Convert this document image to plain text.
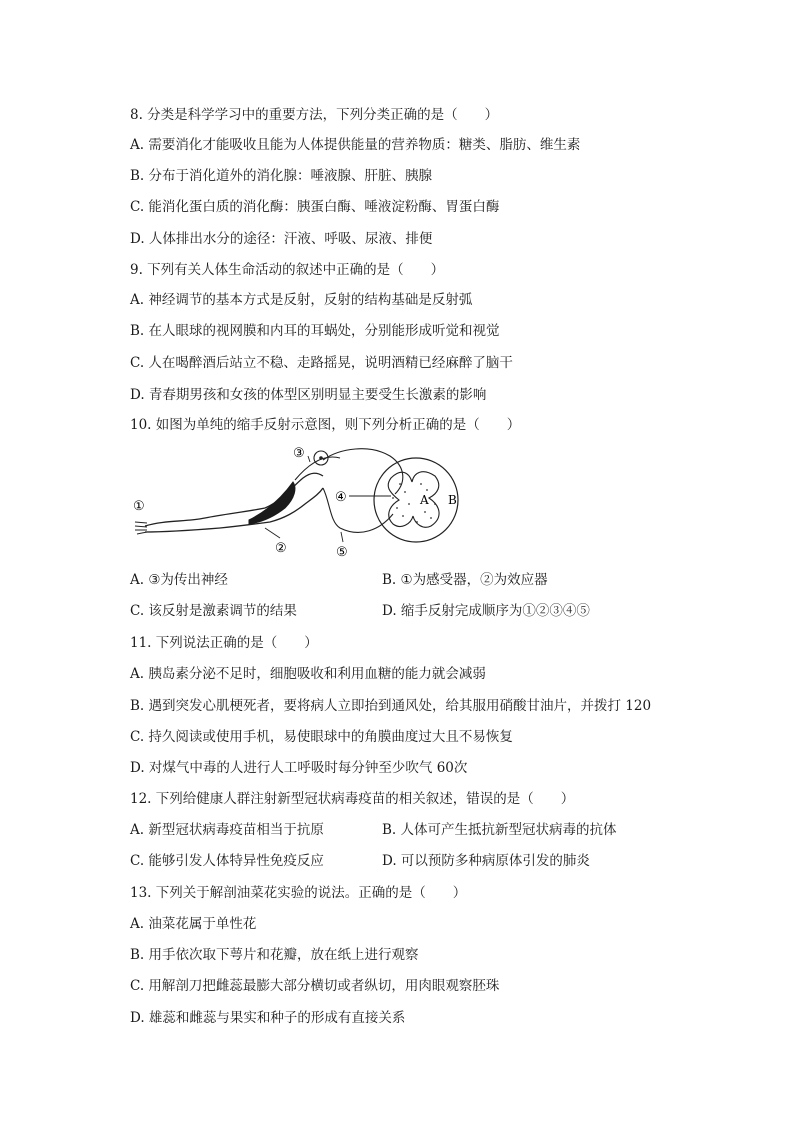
8. 分类是科学学习中的重要方法，下列分类正确的是（　　）
A. 需要消化才能吸收且能为人体提供能量的营养物质：糖类、脂肪、维生素
B. 分布于消化道外的消化腺：唾液腺、肝脏、胰腺
C. 能消化蛋白质的消化酶：胰蛋白酶、唾液淀粉酶、胃蛋白酶
D. 人体排出水分的途径：汗液、呼吸、尿液、排便
9. 下列有关人体生命活动的叙述中正确的是（　　）
A. 神经调节的基本方式是反射，反射的结构基础是反射弧
B. 在人眼球的视网膜和内耳的耳蜗处，分别能形成听觉和视觉
C. 人在喝醉酒后站立不稳、走路摇晃，说明酒精已经麻醉了脑干
D. 青春期男孩和女孩的体型区别明显主要受生长激素的影响
10. 如图为单纯的缩手反射示意图，则下列分析正确的是（　　）
①
②
③
④
⑤
A B
A. ③为传出神经	B. ①为感受器，②为效应器
C. 该反射是激素调节的结果	D. 缩手反射完成顺序为①②③④⑤
11. 下列说法正确的是（　　）
A. 胰岛素分泌不足时，细胞吸收和利用血糖的能力就会减弱
B. 遇到突发心肌梗死者，要将病人立即抬到通风处，给其服用硝酸甘油片，并拨打 120
C. 持久阅读或使用手机，易使眼球中的角膜曲度过大且不易恢复
D. 对煤气中毒的人进行人工呼吸时每分钟至少吹气 60次
12. 下列给健康人群注射新型冠状病毒疫苗的相关叙述，错误的是（　　）
A. 新型冠状病毒疫苗相当于抗原	B. 人体可产生抵抗新型冠状病毒的抗体
C. 能够引发人体特异性免疫反应	D. 可以预防多种病原体引发的肺炎
13. 下列关于解剖油菜花实验的说法。正确的是（　　）
A. 油菜花属于单性花
B. 用手依次取下萼片和花瓣，放在纸上进行观察
C. 用解剖刀把雌蕊最膨大部分横切或者纵切，用肉眼观察胚珠
D. 雄蕊和雌蕊与果实和种子的形成有直接关系
